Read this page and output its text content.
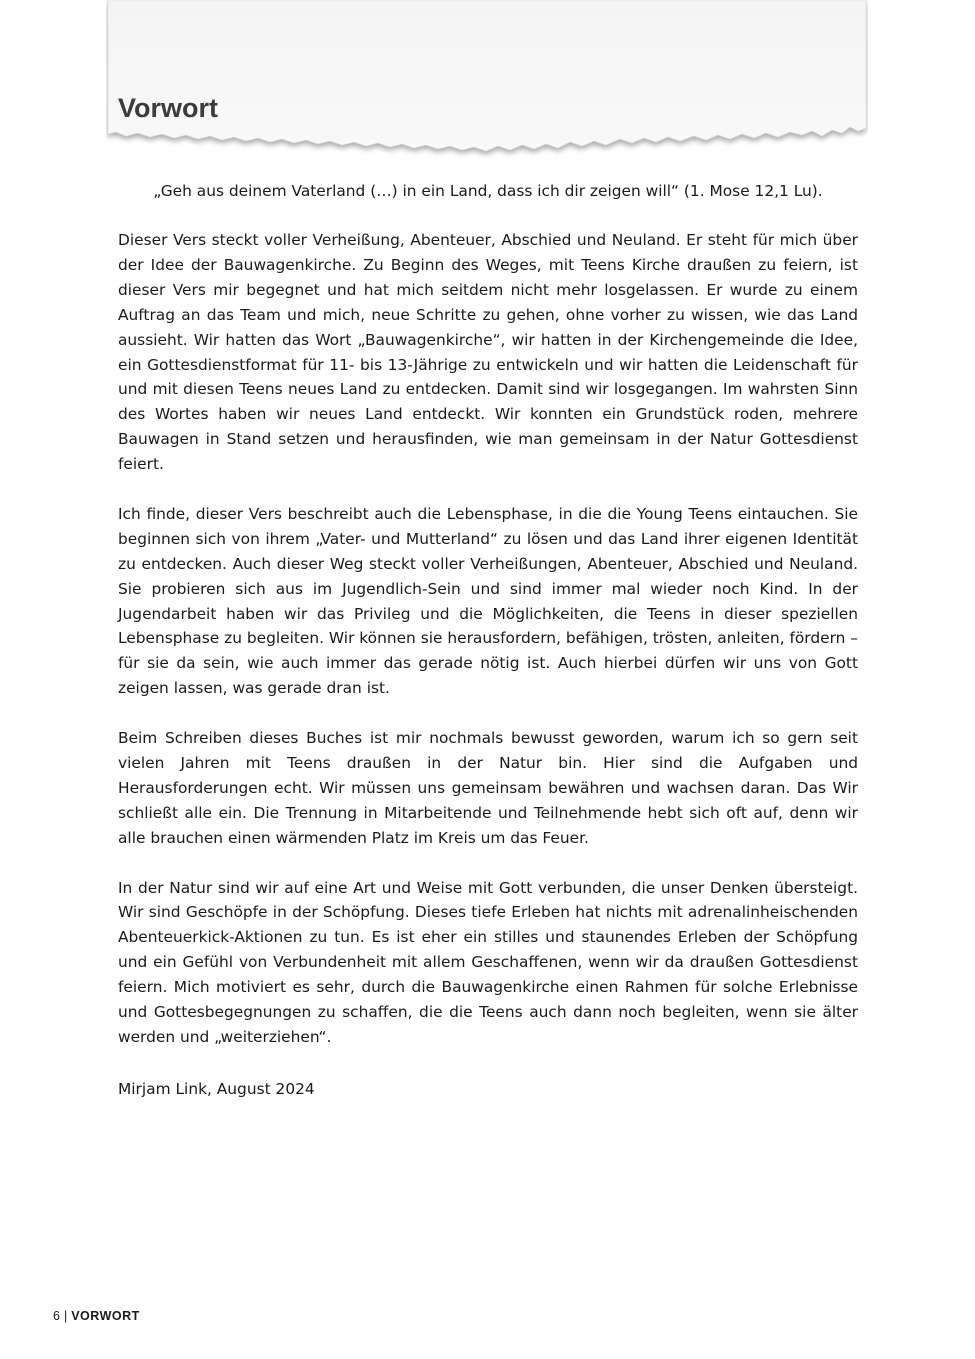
Vorwort

„Geh aus deinem Vaterland (…) in ein Land, dass ich dir zeigen will“ (1. Mose 12,1 Lu).

Dieser Vers steckt voller Verheißung, Abenteuer, Abschied und Neuland. Er steht für mich über der Idee der Bauwagenkirche. Zu Beginn des Weges, mit Teens Kirche draußen zu feiern, ist dieser Vers mir begegnet und hat mich seitdem nicht mehr losgelassen. Er wurde zu einem Auftrag an das Team und mich, neue Schritte zu gehen, ohne vorher zu wissen, wie das Land aussieht. Wir hatten das Wort „Bauwagenkirche“, wir hatten in der Kirchengemeinde die Idee, ein Gottesdienstformat für 11- bis 13-Jährige zu entwickeln und wir hatten die Leidenschaft für und mit diesen Teens neues Land zu entdecken. Damit sind wir losgegangen. Im wahrsten Sinn des Wortes haben wir neues Land entdeckt. Wir konnten ein Grundstück roden, mehrere Bauwagen in Stand setzen und herausfinden, wie man gemeinsam in der Natur Gottesdienst feiert.

Ich finde, dieser Vers beschreibt auch die Lebensphase, in die die Young Teens eintauchen. Sie beginnen sich von ihrem „Vater- und Mutterland“ zu lösen und das Land ihrer eigenen Identität zu entdecken. Auch dieser Weg steckt voller Verheißungen, Abenteuer, Abschied und Neuland. Sie probieren sich aus im Jugendlich-Sein und sind immer mal wieder noch Kind. In der Jugendarbeit haben wir das Privileg und die Möglichkeiten, die Teens in dieser speziellen Lebensphase zu begleiten. Wir können sie herausfordern, befähigen, trösten, anleiten, fördern – für sie da sein, wie auch immer das gerade nötig ist. Auch hierbei dürfen wir uns von Gott zeigen lassen, was gerade dran ist.

Beim Schreiben dieses Buches ist mir nochmals bewusst geworden, warum ich so gern seit vielen Jahren mit Teens draußen in der Natur bin. Hier sind die Aufgaben und Herausforderungen echt. Wir müssen uns gemeinsam bewähren und wachsen daran. Das Wir schließt alle ein. Die Trennung in Mitarbeitende und Teilnehmende hebt sich oft auf, denn wir alle brauchen einen wärmenden Platz im Kreis um das Feuer.

In der Natur sind wir auf eine Art und Weise mit Gott verbunden, die unser Denken übersteigt. Wir sind Geschöpfe in der Schöpfung. Dieses tiefe Erleben hat nichts mit adrenalinheischenden Abenteuerkick-Aktionen zu tun. Es ist eher ein stilles und staunendes Erleben der Schöpfung und ein Gefühl von Verbundenheit mit allem Geschaffenen, wenn wir da draußen Gottesdienst feiern. Mich motiviert es sehr, durch die Bauwagenkirche einen Rahmen für solche Erlebnisse und Gottesbegegnungen zu schaffen, die die Teens auch dann noch begleiten, wenn sie älter werden und „weiterziehen“.

Mirjam Link, August 2024

6 | VORWORT
